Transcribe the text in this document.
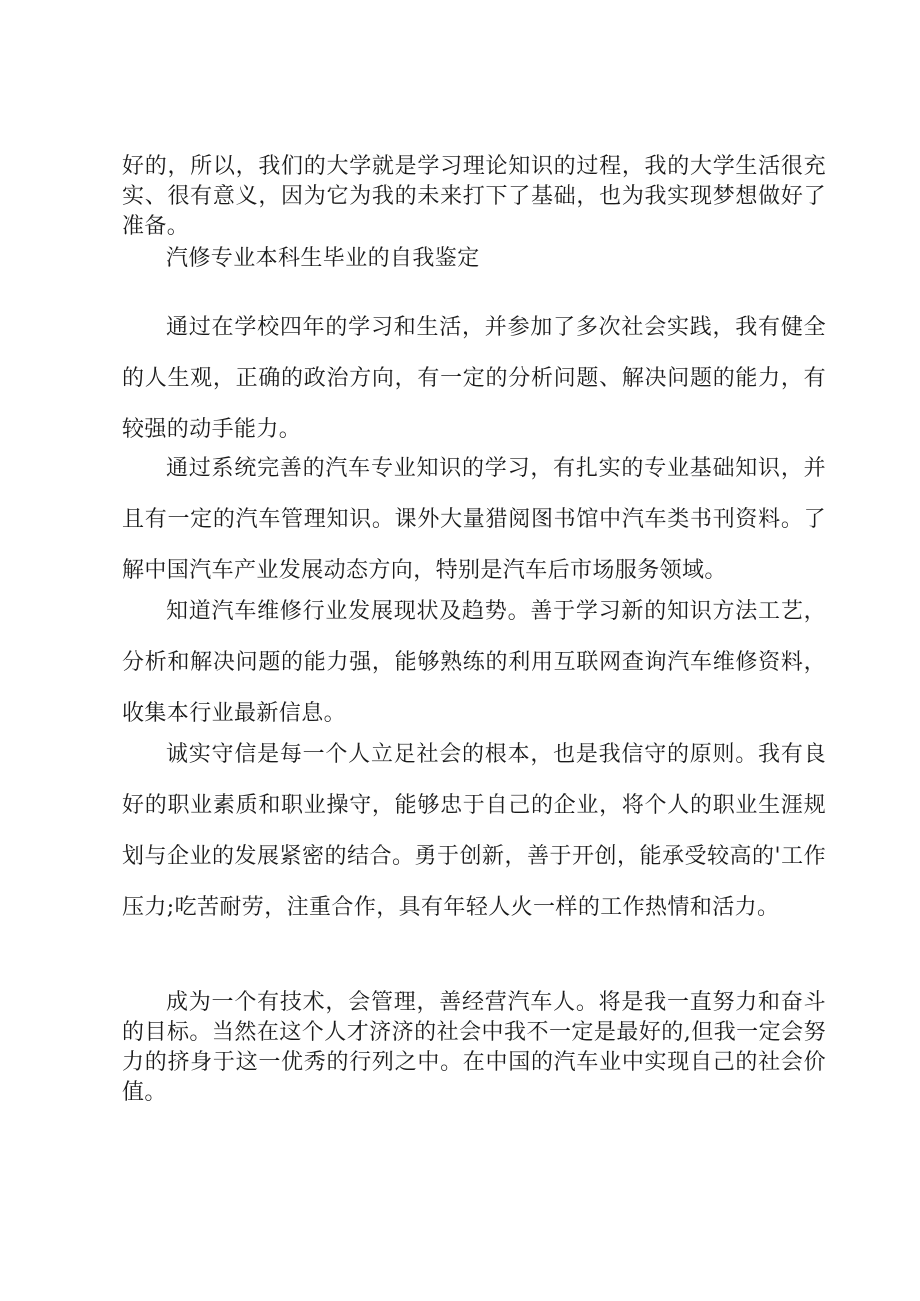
好的，所以，我们的大学就是学习理论知识的过程，我的大学生活很充实、很有意义，因为它为我的未来打下了基础，也为我实现梦想做好了准备。

汽修专业本科生毕业的自我鉴定

通过在学校四年的学习和生活，并参加了多次社会实践，我有健全的人生观，正确的政治方向，有一定的分析问题、解决问题的能力，有较强的动手能力。

通过系统完善的汽车专业知识的学习，有扎实的专业基础知识，并且有一定的汽车管理知识。课外大量猎阅图书馆中汽车类书刊资料。了解中国汽车产业发展动态方向，特别是汽车后市场服务领域。

知道汽车维修行业发展现状及趋势。善于学习新的知识方法工艺，分析和解决问题的能力强，能够熟练的利用互联网查询汽车维修资料，收集本行业最新信息。

诚实守信是每一个人立足社会的根本，也是我信守的原则。我有良好的职业素质和职业操守，能够忠于自己的企业，将个人的职业生涯规划与企业的发展紧密的结合。勇于创新，善于开创，能承受较高的'工作压力;吃苦耐劳，注重合作，具有年轻人火一样的工作热情和活力。

成为一个有技术，会管理，善经营汽车人。将是我一直努力和奋斗的目标。当然在这个人才济济的社会中我不一定是最好的,但我一定会努力的挤身于这一优秀的行列之中。在中国的汽车业中实现自己的社会价值。
